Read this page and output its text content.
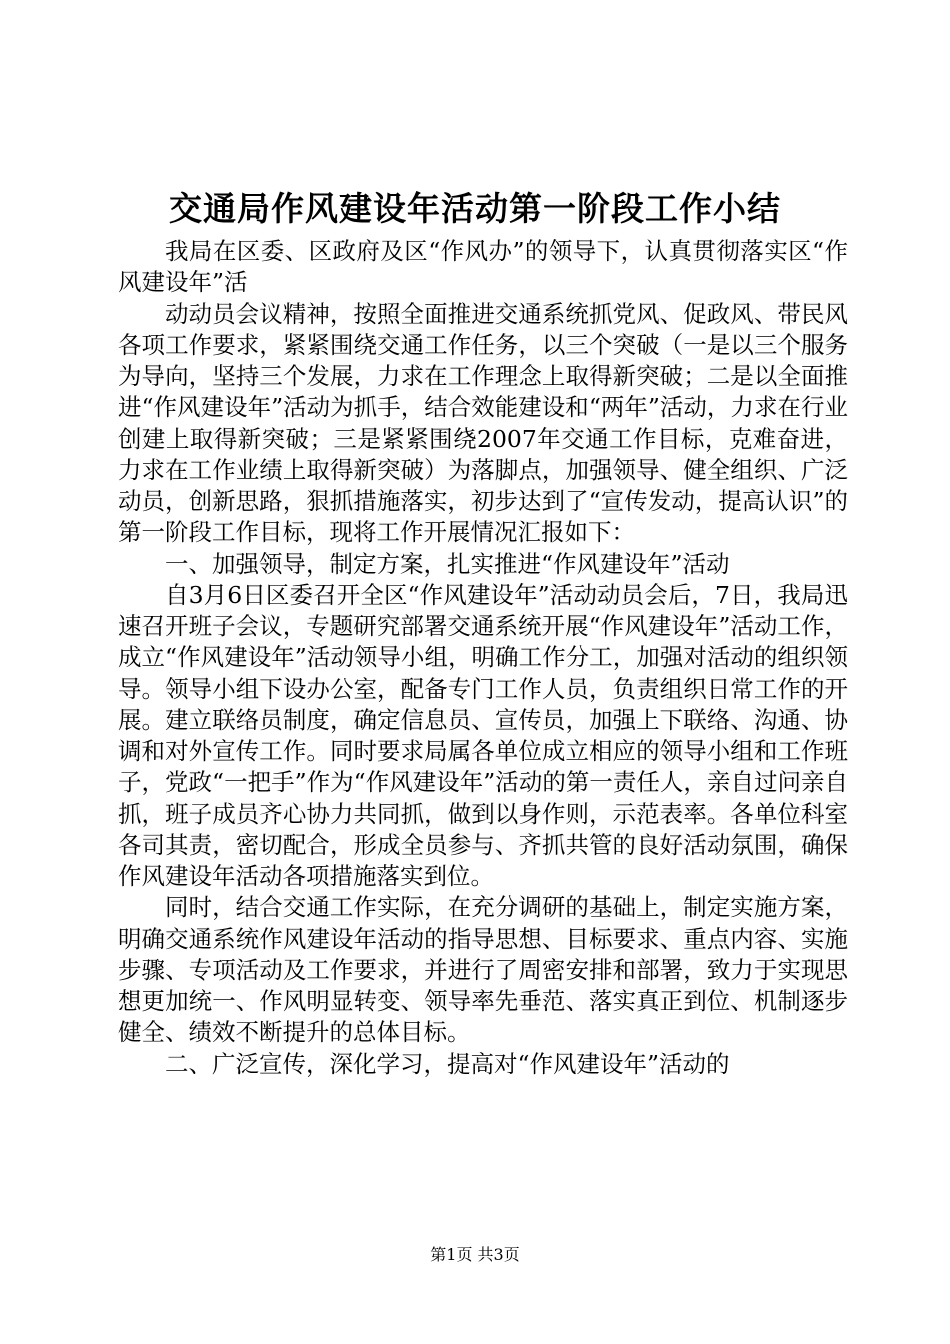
交通局作风建设年活动第一阶段工作小结

我局在区委、区政府及区“作风办”的领导下，认真贯彻落实区“作风建设年”活

动动员会议精神，按照全面推进交通系统抓党风、促政风、带民风各项工作要求，紧紧围绕交通工作任务，以三个突破（一是以三个服务为导向，坚持三个发展，力求在工作理念上取得新突破；二是以全面推进“作风建设年”活动为抓手，结合效能建设和“两年”活动，力求在行业创建上取得新突破；三是紧紧围绕2007年交通工作目标，克难奋进，力求在工作业绩上取得新突破）为落脚点，加强领导、健全组织、广泛动员，创新思路，狠抓措施落实，初步达到了“宣传发动，提高认识”的第一阶段工作目标，现将工作开展情况汇报如下：

一、加强领导，制定方案，扎实推进“作风建设年”活动

自3月6日区委召开全区“作风建设年”活动动员会后，7日，我局迅速召开班子会议，专题研究部署交通系统开展“作风建设年”活动工作，成立“作风建设年”活动领导小组，明确工作分工，加强对活动的组织领导。领导小组下设办公室，配备专门工作人员，负责组织日常工作的开展。建立联络员制度，确定信息员、宣传员，加强上下联络、沟通、协调和对外宣传工作。同时要求局属各单位成立相应的领导小组和工作班子，党政“一把手”作为“作风建设年”活动的第一责任人，亲自过问亲自抓，班子成员齐心协力共同抓，做到以身作则，示范表率。各单位科室各司其责，密切配合，形成全员参与、齐抓共管的良好活动氛围，确保作风建设年活动各项措施落实到位。

同时，结合交通工作实际，在充分调研的基础上，制定实施方案，明确交通系统作风建设年活动的指导思想、目标要求、重点内容、实施步骤、专项活动及工作要求，并进行了周密安排和部署，致力于实现思想更加统一、作风明显转变、领导率先垂范、落实真正到位、机制逐步健全、绩效不断提升的总体目标。

二、广泛宣传，深化学习，提高对“作风建设年”活动的

第1页 共3页
